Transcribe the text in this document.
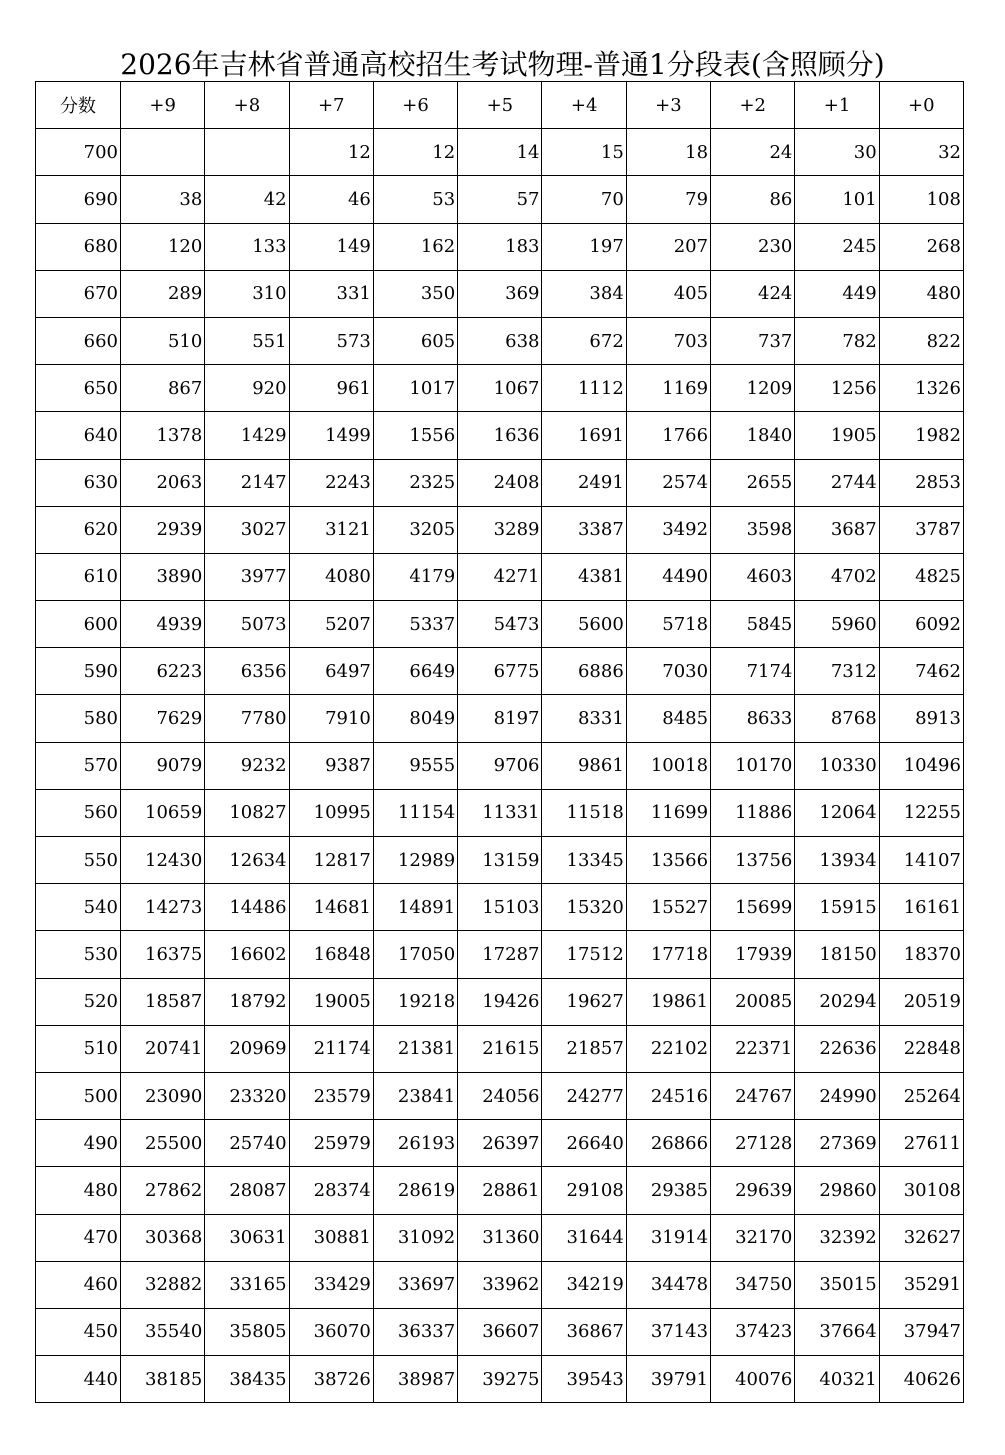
2026年吉林省普通高校招生考试物理-普通1分段表(含照顾分)
分数	+9	+8	+7	+6	+5	+4	+3	+2	+1	+0
700			12	12	14	15	18	24	30	32
690	38	42	46	53	57	70	79	86	101	108
680	120	133	149	162	183	197	207	230	245	268
670	289	310	331	350	369	384	405	424	449	480
660	510	551	573	605	638	672	703	737	782	822
650	867	920	961	1017	1067	1112	1169	1209	1256	1326
640	1378	1429	1499	1556	1636	1691	1766	1840	1905	1982
630	2063	2147	2243	2325	2408	2491	2574	2655	2744	2853
620	2939	3027	3121	3205	3289	3387	3492	3598	3687	3787
610	3890	3977	4080	4179	4271	4381	4490	4603	4702	4825
600	4939	5073	5207	5337	5473	5600	5718	5845	5960	6092
590	6223	6356	6497	6649	6775	6886	7030	7174	7312	7462
580	7629	7780	7910	8049	8197	8331	8485	8633	8768	8913
570	9079	9232	9387	9555	9706	9861	10018	10170	10330	10496
560	10659	10827	10995	11154	11331	11518	11699	11886	12064	12255
550	12430	12634	12817	12989	13159	13345	13566	13756	13934	14107
540	14273	14486	14681	14891	15103	15320	15527	15699	15915	16161
530	16375	16602	16848	17050	17287	17512	17718	17939	18150	18370
520	18587	18792	19005	19218	19426	19627	19861	20085	20294	20519
510	20741	20969	21174	21381	21615	21857	22102	22371	22636	22848
500	23090	23320	23579	23841	24056	24277	24516	24767	24990	25264
490	25500	25740	25979	26193	26397	26640	26866	27128	27369	27611
480	27862	28087	28374	28619	28861	29108	29385	29639	29860	30108
470	30368	30631	30881	31092	31360	31644	31914	32170	32392	32627
460	32882	33165	33429	33697	33962	34219	34478	34750	35015	35291
450	35540	35805	36070	36337	36607	36867	37143	37423	37664	37947
440	38185	38435	38726	38987	39275	39543	39791	40076	40321	40626
